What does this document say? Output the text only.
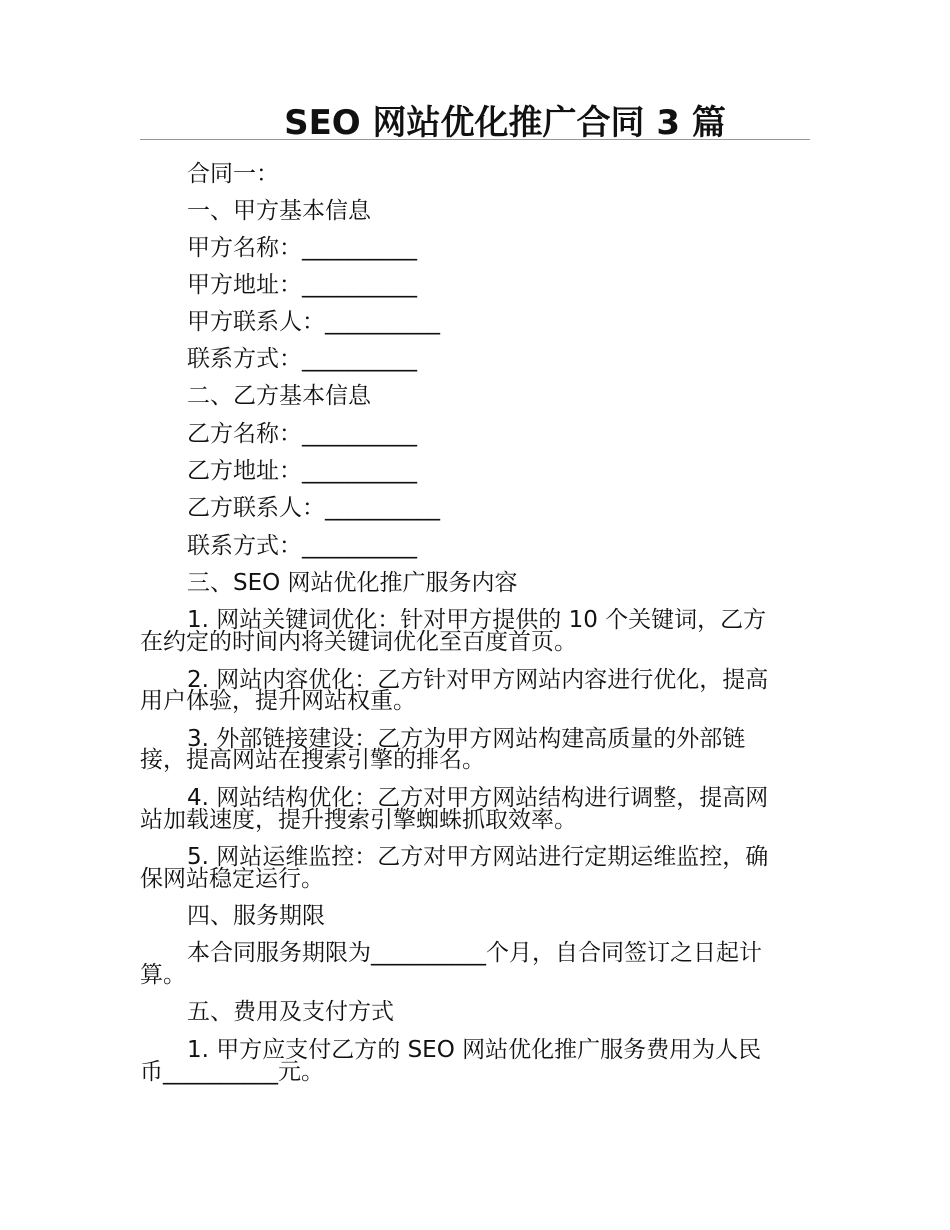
SEO 网站优化推广合同 3 篇
合同一：
一、甲方基本信息
甲方名称：__________
甲方地址：__________
甲方联系人：__________
联系方式：__________
二、乙方基本信息
乙方名称：__________
乙方地址：__________
乙方联系人：__________
联系方式：__________
三、SEO 网站优化推广服务内容
1. 网站关键词优化：针对甲方提供的 10 个关键词，乙方
在约定的时间内将关键词优化至百度首页。
2. 网站内容优化：乙方针对甲方网站内容进行优化，提高
用户体验，提升网站权重。
3. 外部链接建设：乙方为甲方网站构建高质量的外部链
接，提高网站在搜索引擎的排名。
4. 网站结构优化：乙方对甲方网站结构进行调整，提高网
站加载速度，提升搜索引擎蜘蛛抓取效率。
5. 网站运维监控：乙方对甲方网站进行定期运维监控，确
保网站稳定运行。
四、服务期限
本合同服务期限为__________个月，自合同签订之日起计
算。
五、费用及支付方式
1. 甲方应支付乙方的 SEO 网站优化推广服务费用为人民
币__________元。
